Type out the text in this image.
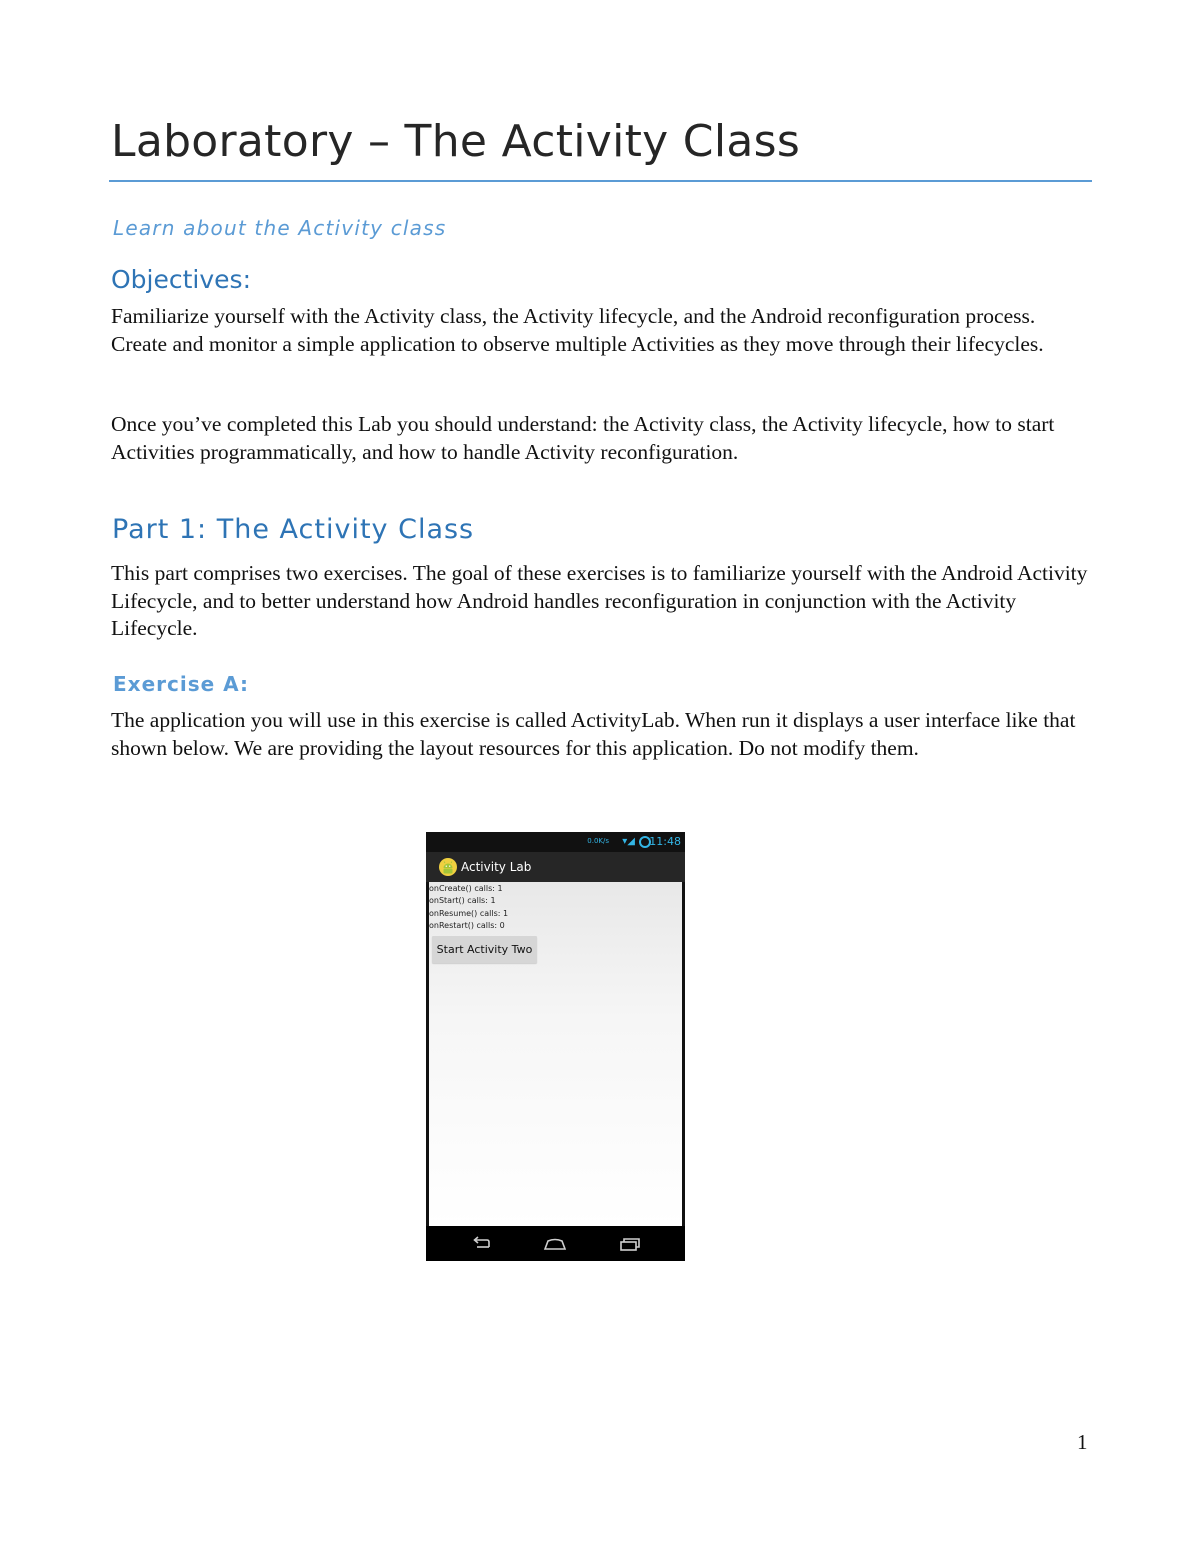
Laboratory – The Activity Class
Learn about the Activity class
Objectives:

Familiarize yourself with the Activity class, the Activity lifecycle, and the Android reconfiguration process. Create and monitor a simple application to observe multiple Activities as they move through their lifecycles.

Once you’ve completed this Lab you should understand: the Activity class, the Activity lifecycle, how to start Activities programmatically, and how to handle Activity reconfiguration.

Part 1: The Activity Class

This part comprises two exercises. The goal of these exercises is to familiarize yourself with the Android Activity Lifecycle, and to better understand how Android handles reconfiguration in conjunction with the Activity Lifecycle.

Exercise A:

The application you will use in this exercise is called ActivityLab. When run it displays a user interface like that shown below. We are providing the layout resources for this application. Do not modify them.

0.0K/s ▾◢ 11:48
Activity Lab
onCreate() calls: 1
onStart() calls: 1
onResume() calls: 1
onRestart() calls: 0
Start Activity Two
1
